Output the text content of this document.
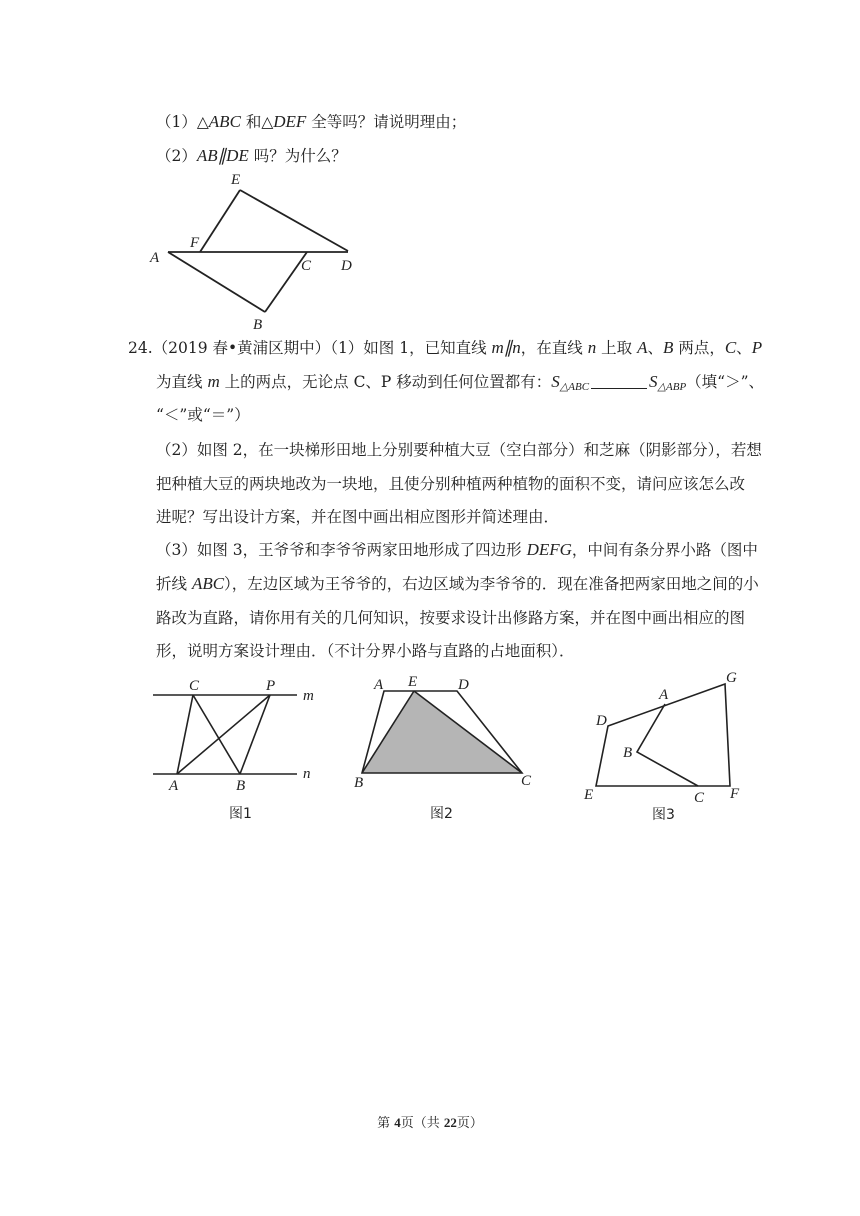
（1）△ABC 和△DEF 全等吗？请说明理由；
（2）AB∥DE 吗？为什么？
E
F
A	C D
B
24.（2019 春•黄浦区期中）（1）如图 1，已知直线 m∥n，在直线 n 上取 A、B 两点，C、P
为直线 m 上的两点，无论点 C、P 移动到任何位置都有：$S_{\triangle ABC}$	$S_{\triangle ABP}$（填“＞”、
“＜”或“＝”）
（2）如图 2，在一块梯形田地上分别要种植大豆（空白部分）和芝麻（阴影部分），若想
把种植大豆的两块地改为一块地，且使分别种植两种植物的面积不变，请问应该怎么改
进呢？写出设计方案，并在图中画出相应图形并简述理由．
（3）如图 3，王爷爷和李爷爷两家田地形成了四边形 DEFG，中间有条分界小路（图中
折线 ABC），左边区域为王爷爷的，右边区域为李爷爷的．现在准备把两家田地之间的小
路改为直路，请你用有关的几何知识，按要求设计出修路方案，并在图中画出相应的图
形，说明方案设计理由．（不计分界小路与直路的占地面积）．
C	P
m
n
A	B
图1
A E	D
B	C
图2
G
A
D
B
E	C F
图3
第 4页（共 22页）
